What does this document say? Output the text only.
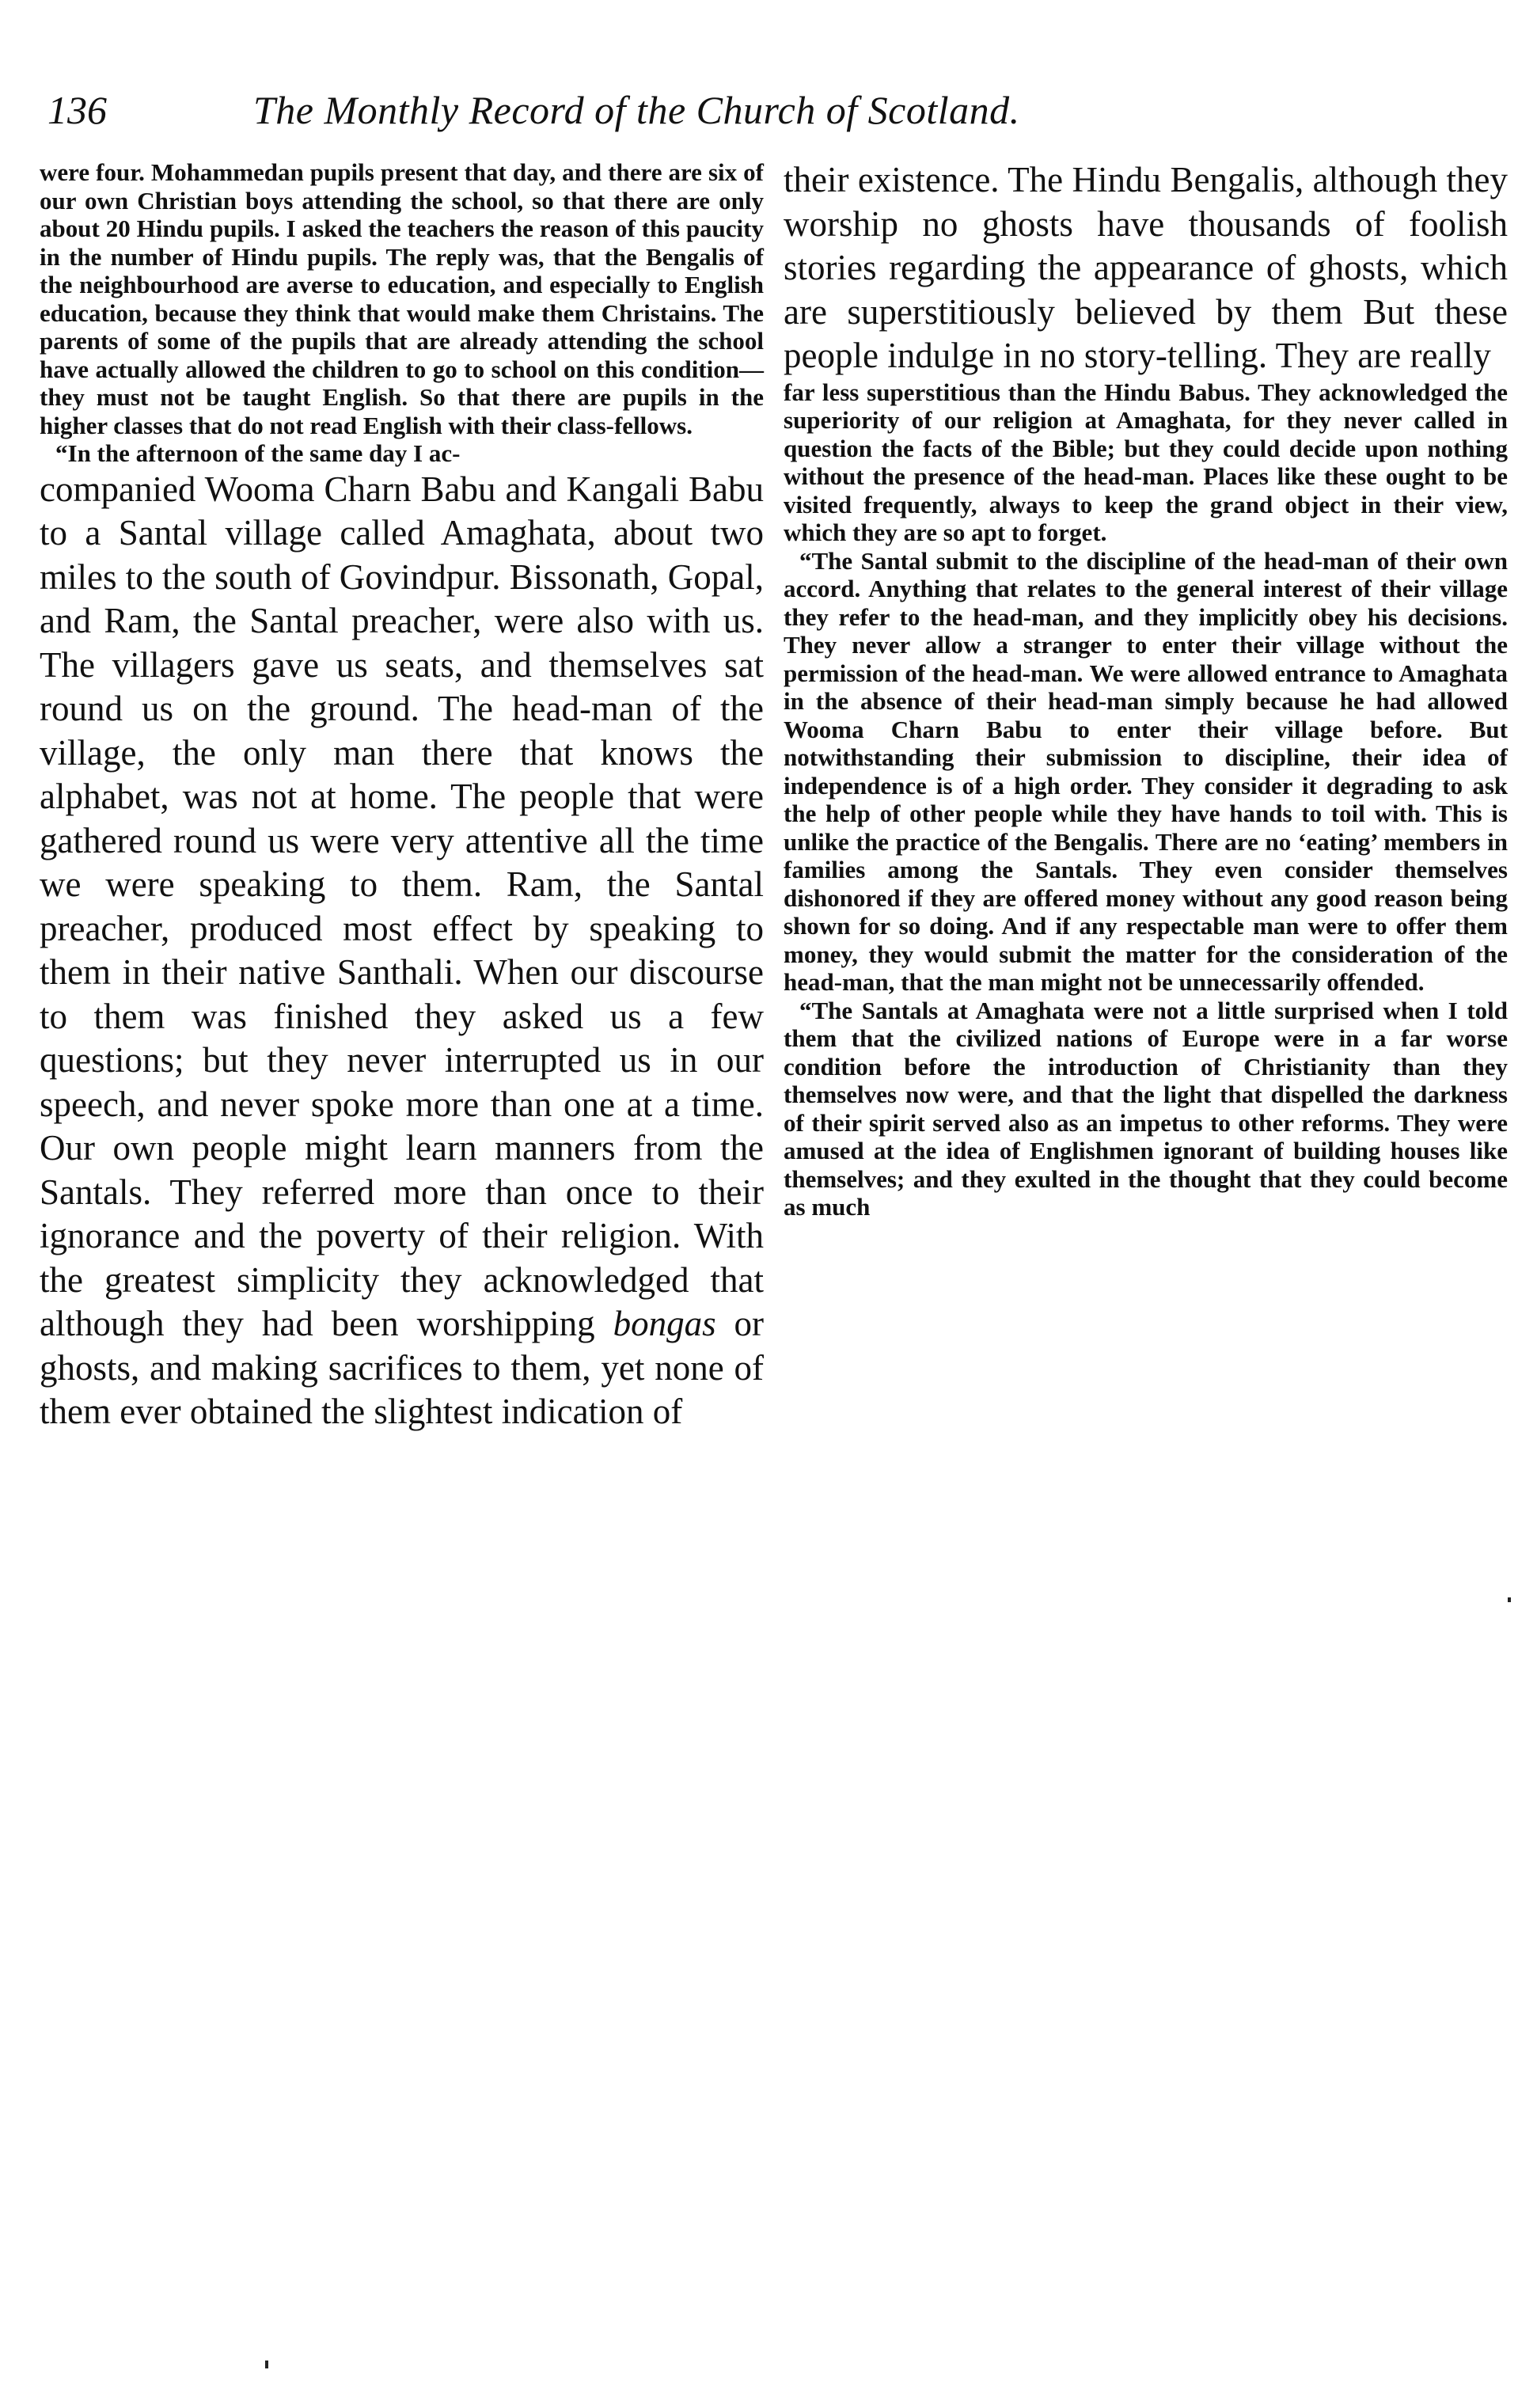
136	The Monthly Record of the Church of Scotland.

were four. Mohammedan pupils present that day, and there are six of our own Christian boys attending the school, so that there are only about 20 Hindu pupils. I asked the teachers the reason of this paucity in the number of Hindu pupils. The reply was, that the Bengalis of the neighbourhood are averse to education, and especially to English education, because they think that would make them Christains. The parents of some of the pupils that are already attending the school have actually allowed the children to go to school on this condition—they must not be taught English. So that there are pupils in the higher classes that do not read English with their class-fellows.

“In the afternoon of the same day I ac-

companied Wooma Charn Babu and Kangali Babu to a Santal village called Amaghata, about two miles to the south of Govindpur. Bissonath, Gopal, and Ram, the Santal preacher, were also with us. The villagers gave us seats, and themselves sat round us on the ground. The head-man of the village, the only man there that knows the alphabet, was not at home. The people that were gathered round us were very attentive all the time we were speaking to them. Ram, the Santal preacher, produced most effect by speaking to them in their native Santhali. When our discourse to them was finished they asked us a few questions; but they never interrupted us in our speech, and never spoke more than one at a time. Our own people might learn manners from the Santals. They referred more than once to their ignorance and the poverty of their religion. With the greatest simplicity they acknowledged that although they had been worshipping bongas or ghosts, and making sacrifices to them, yet none of them ever obtained the slightest indication of

their existence. The Hindu Bengalis, although they worship no ghosts have thousands of foolish stories regarding the appearance of ghosts, which are superstitiously believed by them But these people indulge in no story-telling. They are really

far less superstitious than the Hindu Babus. They acknowledged the superiority of our religion at Amaghata, for they never called in question the facts of the Bible; but they could decide upon nothing without the presence of the head-man. Places like these ought to be visited frequently, always to keep the grand object in their view, which they are so apt to forget.

“The Santal submit to the discipline of the head-man of their own accord. Anything that relates to the general interest of their village they refer to the head-man, and they implicitly obey his decisions. They never allow a stranger to enter their village without the permission of the head-man. We were allowed entrance to Amaghata in the absence of their head-man simply because he had allowed Wooma Charn Babu to enter their village before. But notwithstanding their submission to discipline, their idea of independence is of a high order. They consider it degrading to ask the help of other people while they have hands to toil with. This is unlike the practice of the Bengalis. There are no ‘eating’ members in families among the Santals. They even consider themselves dishonored if they are offered money without any good reason being shown for so doing. And if any respectable man were to offer them money, they would submit the matter for the consideration of the head-man, that the man might not be unnecessarily offended.

“The Santals at Amaghata were not a little surprised when I told them that the civilized nations of Europe were in a far worse condition before the introduction of Christianity than they themselves now were, and that the light that dispelled the darkness of their spirit served also as an impetus to other reforms. They were amused at the idea of Englishmen ignorant of building houses like themselves; and they exulted in the thought that they could become as much
